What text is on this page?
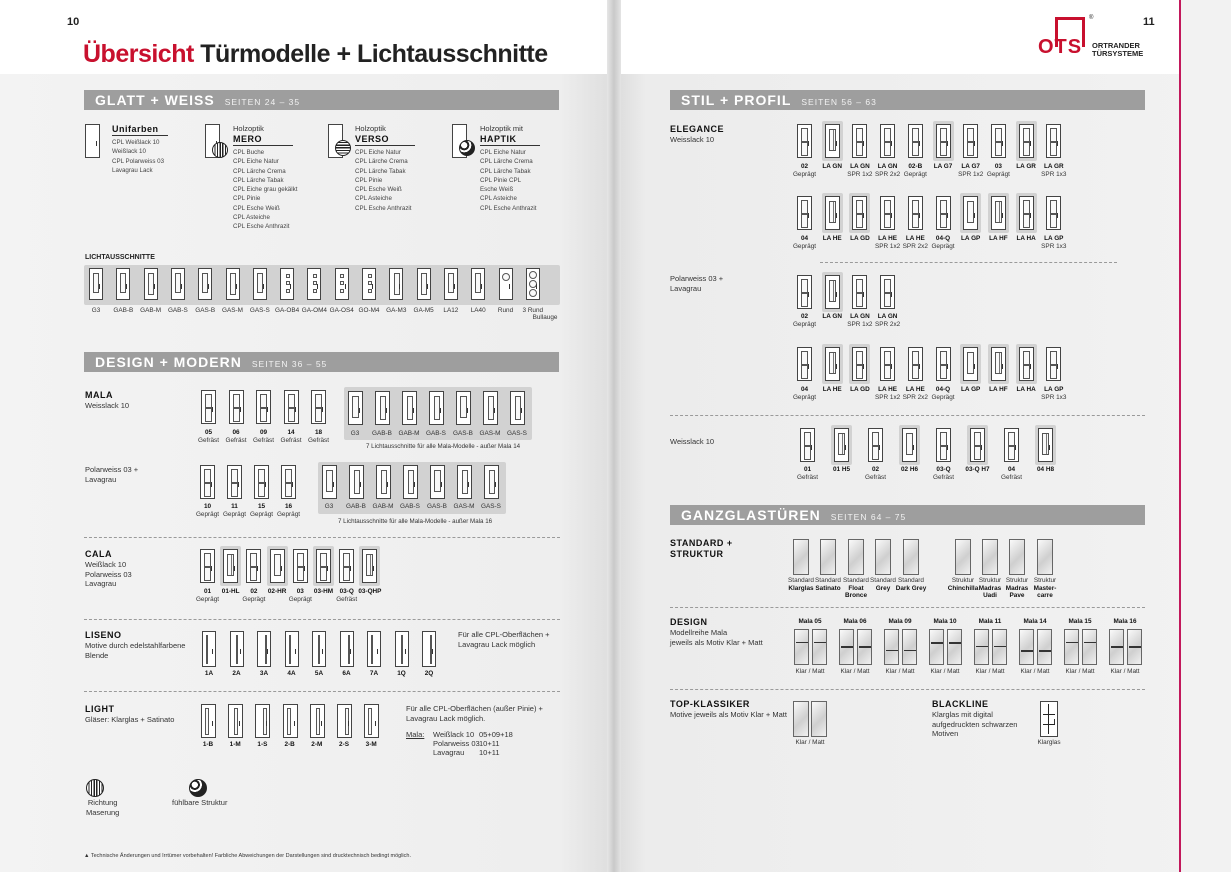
10
Übersicht Türmodelle + Lichtausschnitte
11
OTS
®
ORTRANDER
TÜRSYSTEME
GLATT + WEISS SEITEN 24 – 35
Unifarben
CPL Weißlack 10
Weißlack 10
CPL Polarweiss 03
Lavagrau Lack
Holzoptik
MERO
CPL Buche
CPL Eiche Natur
CPL Lärche Crema
CPL Lärche Tabak
CPL Eiche grau gekälkt
CPL Pinie
CPL Esche Weiß
CPL Asteiche
CPL Esche Anthrazit
Holzoptik
VERSO
CPL Eiche Natur
CPL Lärche Crema
CPL Lärche Tabak
CPL Pinie
CPL Esche Weiß
CPL Asteiche
CPL Esche Anthrazit
Holzoptik mit
HAPTIK
CPL Eiche Natur
CPL Lärche Crema
CPL Lärche Tabak
CPL Pinie CPL
Esche Weiß
CPL Asteiche
CPL Esche Anthrazit
LICHTAUSSCHNITTE
G3	GAB-B	GAB-M	GAB-S	GAS-B	GAS-M	GAS-S GA-OB4 GA-OM4 GA-OS4 GO-M4	GA-M3	GA-M5	LA12	LA40	Rund	3 Rund
Bullauge
DESIGN + MODERN SEITEN 36 – 55
MALA
Weisslack 10
05
Gefräst
06
Gefräst
09
Gefräst
14
Gefräst
18
Gefräst
G3	GAB-B	GAB-M	GAB-S	GAS-B	GAS-M	GAS-S
7 Lichtausschnitte für alle Mala-Modelle - außer Mala 14
Polarweiss 03 +
Lavagrau
10
Geprägt
11
Geprägt
15
Geprägt
16
Geprägt
G3	GAB-B	GAB-M	GAB-S	GAS-B	GAS-M	GAS-S
7 Lichtausschnitte für alle Mala-Modelle - außer Mala 16
CALA
Weißlack 10
Polarweiss 03
Lavagrau
01
Geprägt
01-HL	02
Geprägt
02-HR	03
Geprägt
03-HM	03-Q
Gefräst
03-QHP
LISENO
Motive durch edelstahlfarbene
Blende
1A	2A	3A	4A	5A	6A	7A	1Q	2Q
Für alle CPL-Oberflächen +
Lavagrau Lack möglich
LIGHT
Gläser: Klarglas + Satinato
1-B	1-M	1-S	2-B	2-M	2-S	3-M
Für alle CPL-Oberflächen (außer Pinie) +
Lavagrau Lack möglich.
Mala: Weißlack 10 05+09+18
Polarweiss 03 10+11
Lavagrau 10+11
Richtung
Maserung
fühlbare Struktur
▲ Technische Änderungen und Irrtümer vorbehalten! Farbliche Abweichungen der Darstellungen sind drucktechnisch bedingt möglich.
STIL + PROFIL SEITEN 56 – 63
ELEGANCE
Weisslack 10
02
Geprägt
LA GN	LA GN
SPR 1x2
LA GN
SPR 2x2
02-B
Geprägt
LA G7	LA G7
SPR 1x2
03
Geprägt
LA GR	LA GR
SPR 1x3
04
Geprägt
LA HE	LA GD	LA HE
SPR 1x2
LA HE
SPR 2x2
04-Q
Geprägt
LA GP	LA HF	LA HA	LA GP
SPR 1x3
Polarweiss 03 +
Lavagrau
02
Geprägt
LA GN	LA GN
SPR 1x2
LA GN
SPR 2x2
04
Geprägt
LA HE	LA GD	LA HE
SPR 1x2
LA HE
SPR 2x2
04-Q
Geprägt
LA GP	LA HF	LA HA	LA GP
SPR 1x3
Weisslack 10
01
Gefräst
01 H5	02
Gefräst
02 H6	03-Q
Gefräst
03-Q H7	04
Gefräst
04 H8
GANZGLASTÜREN SEITEN 64 – 75
STANDARD +
STRUKTUR
Standard
Klarglas
Standard
Satinato
Standard
Float
Bronce
Standard
Grey
Standard
Dark Grey
Struktur
Chinchilla
Struktur
Madras
Uadi
Struktur
Madras
Pave
Struktur
Master-
carre
DESIGN
Modellreihe Mala
jeweils als Motiv Klar + Matt
Mala 05
Klar / Matt
Mala 06
Klar / Matt
Mala 09
Klar / Matt
Mala 10
Klar / Matt
Mala 11
Klar / Matt
Mala 14
Klar / Matt
Mala 15
Klar / Matt
Mala 16
Klar / Matt
TOP-KLASSIKER
Motive jeweils als Motiv Klar + Matt
Klar / Matt
BLACKLINE
Klarglas mit digital
aufgedruckten schwarzen
Motiven
Klarglas
